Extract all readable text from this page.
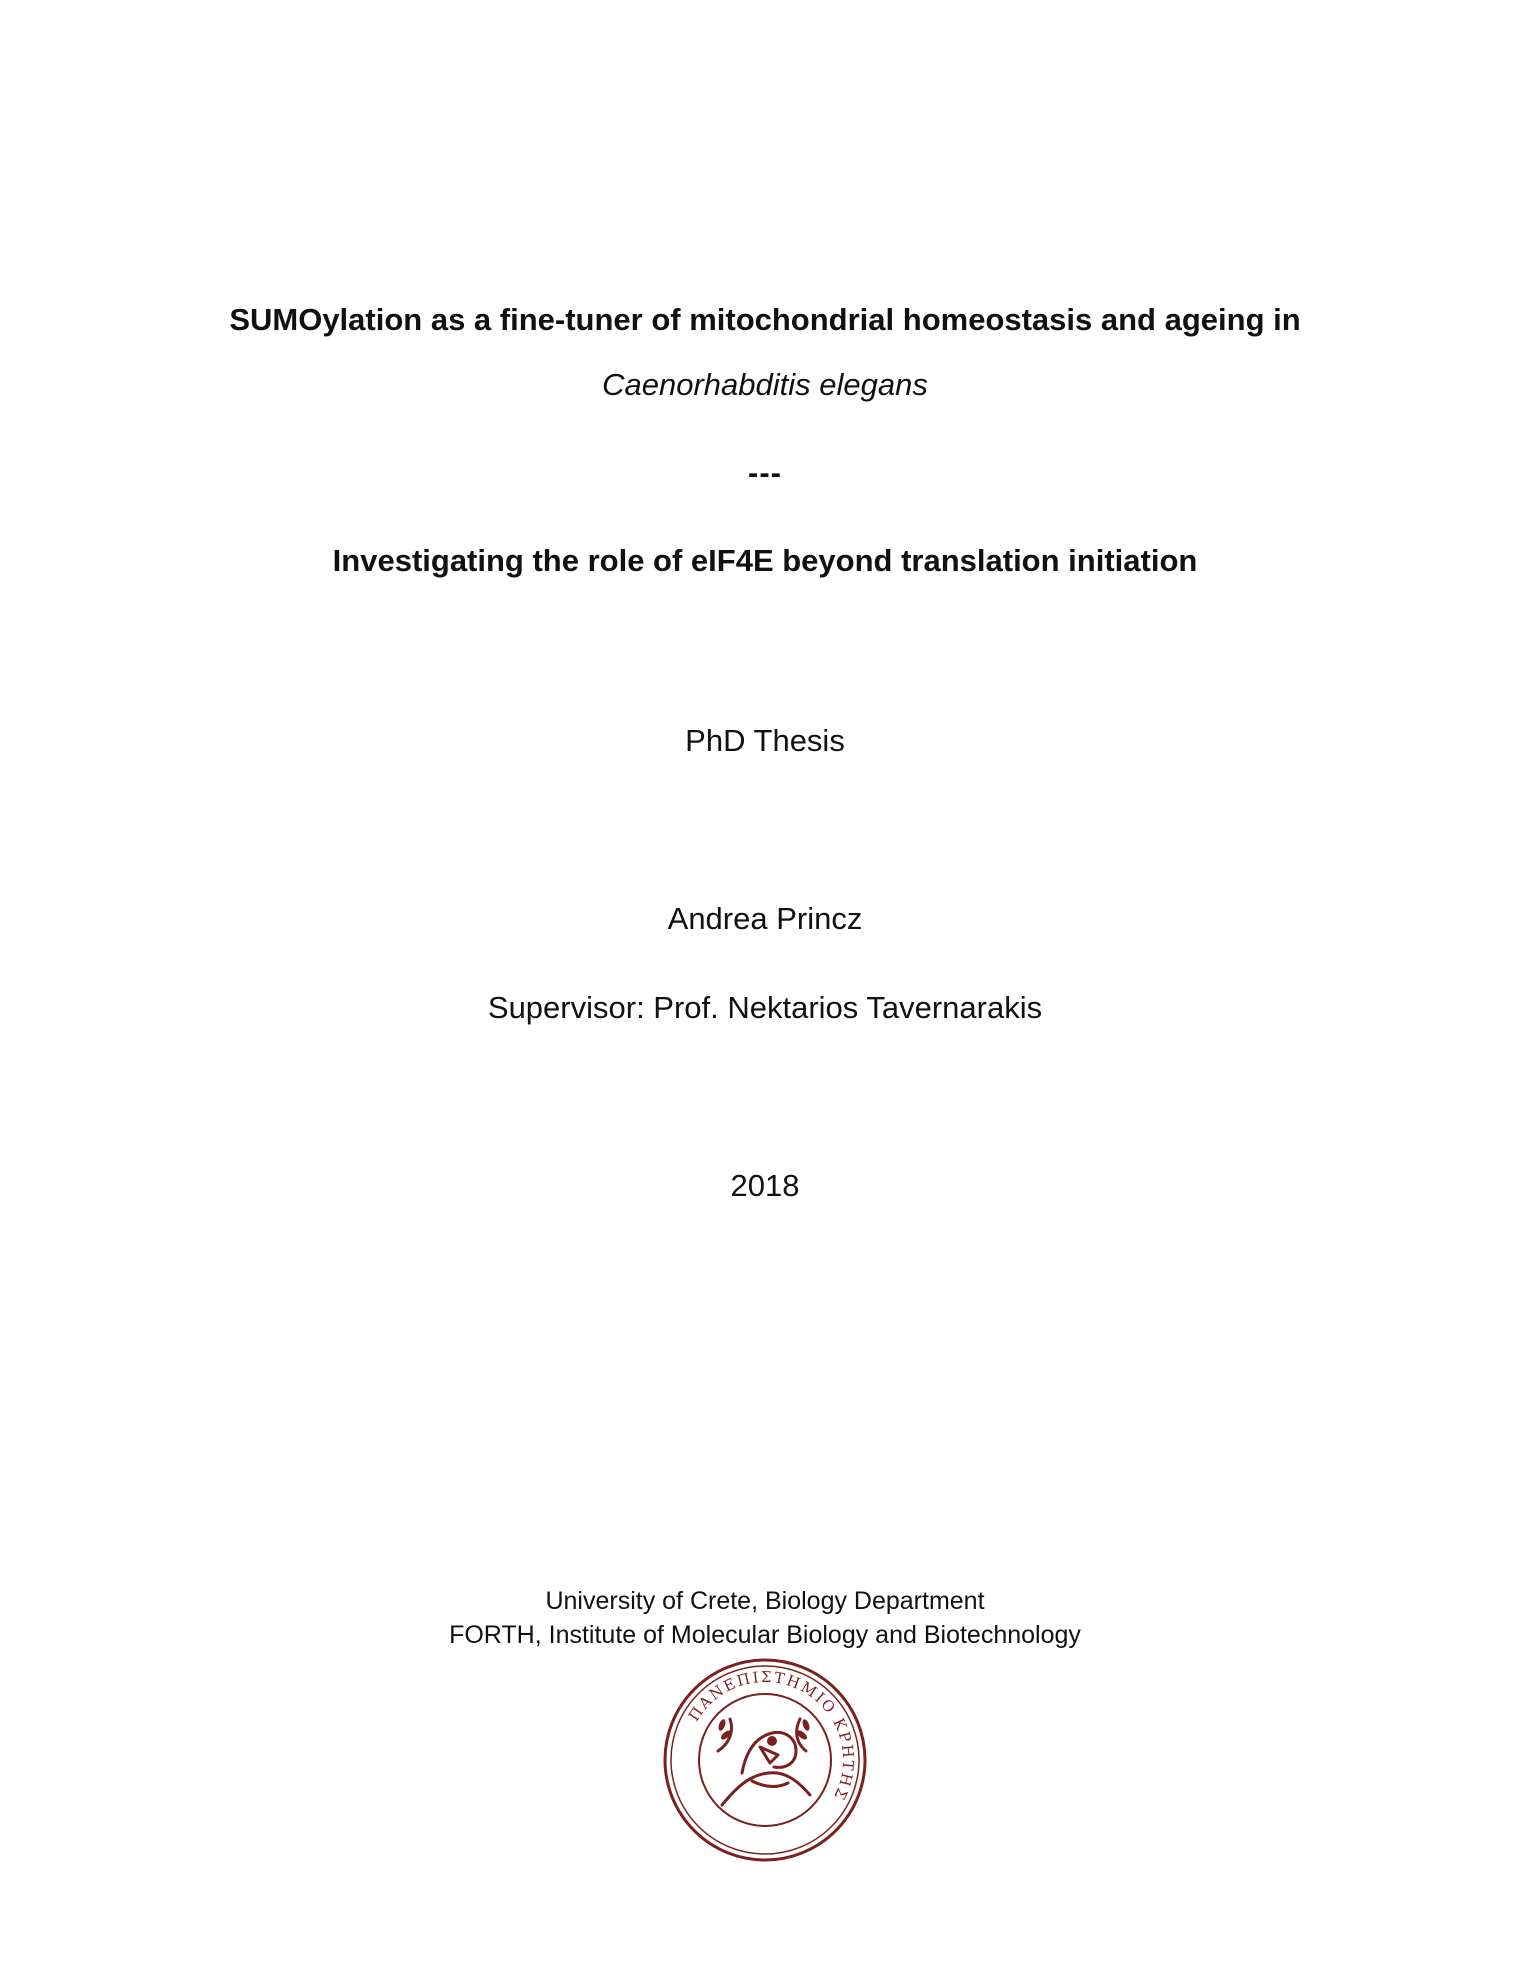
SUMOylation as a fine-tuner of mitochondrial homeostasis and ageing in
Caenorhabditis elegans
---
Investigating the role of eIF4E beyond translation initiation
PhD Thesis
Andrea Princz
Supervisor: Prof. Nektarios Tavernarakis
2018
University of Crete, Biology Department
FORTH, Institute of Molecular Biology and Biotechnology
ΠΑΝΕΠΙΣΤΗΜΙΟ ΚΡΗΤΗΣ
